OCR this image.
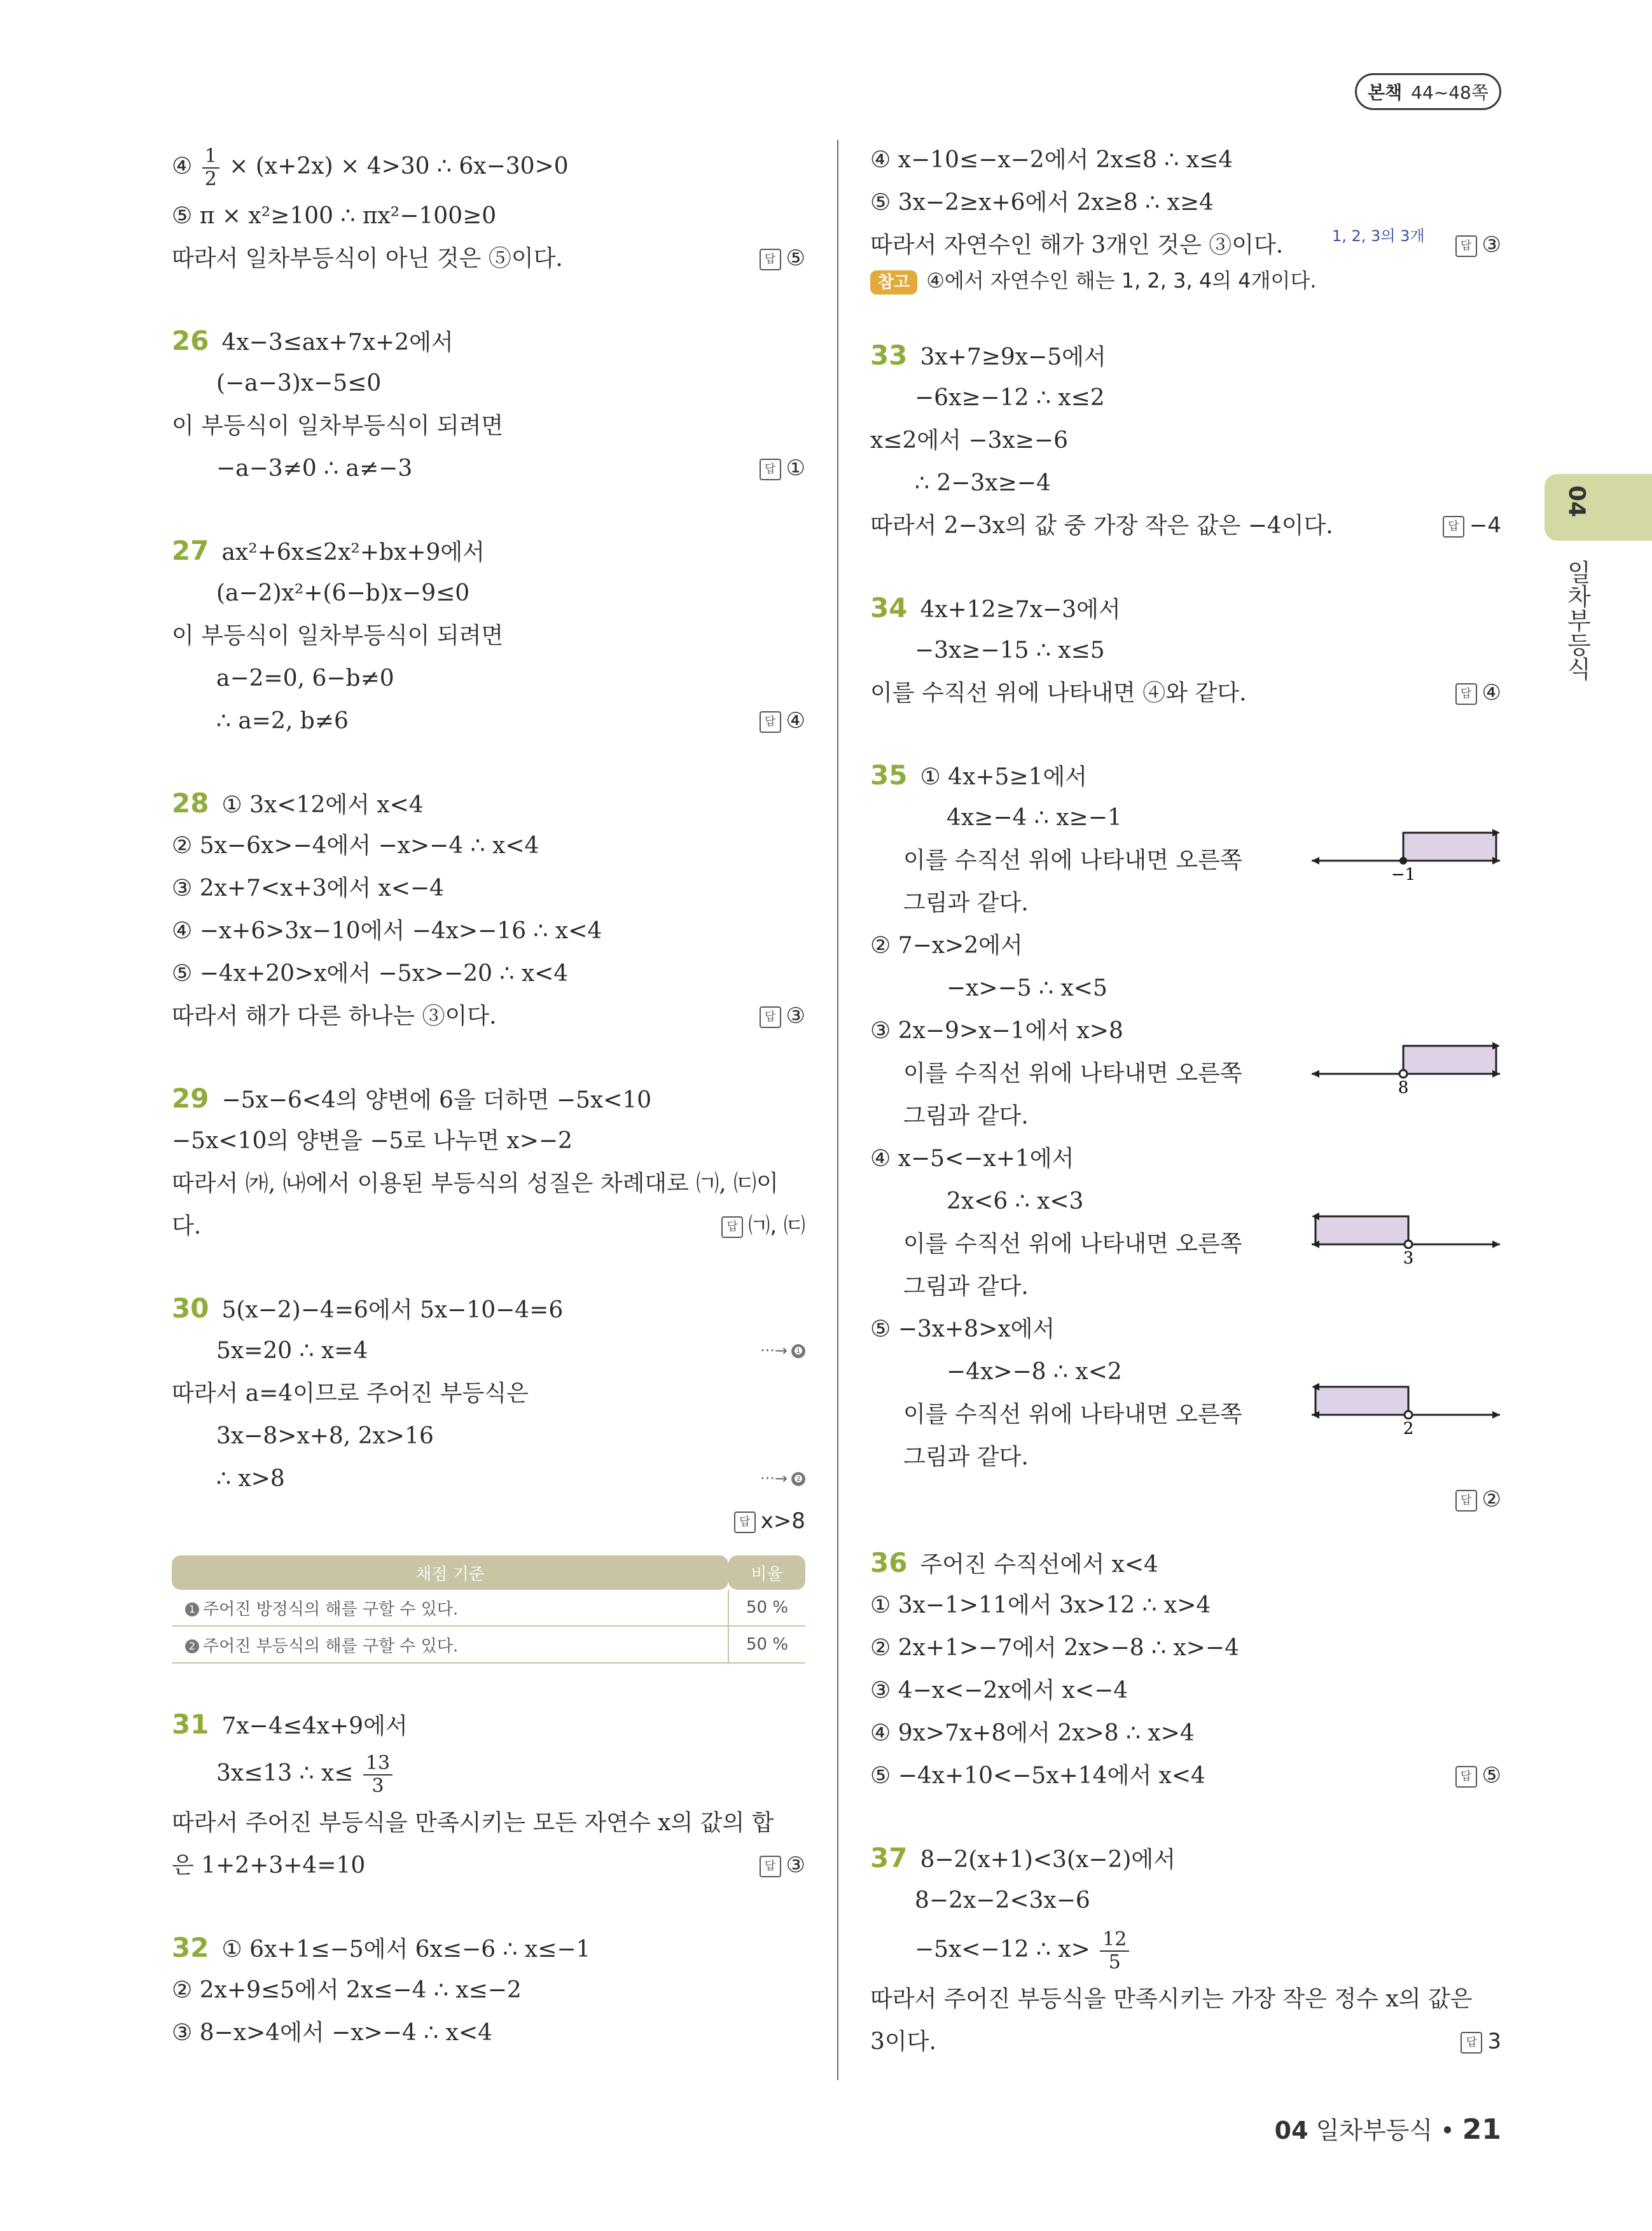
본책 44~48쪽
④ $\frac{1}{2} \times (x+2x) \times 4>30$ ∴ 6x−30>0
⑤ π × x²≥100 ∴ πx²−100≥0
따라서 일차부등식이 아닌 것은 ⑤이다.	답 ⑤
26 4x−3≤ax+7x+2에서
(−a−3)x−5≤0
이 부등식이 일차부등식이 되려면
−a−3≠0 ∴ a≠−3	답 ①
27 ax²+6x≤2x²+bx+9에서
(a−2)x²+(6−b)x−9≤0
이 부등식이 일차부등식이 되려면
a−2=0, 6−b≠0
∴ a=2, b≠6	답 ④
28 ① 3x<12에서 x<4
② 5x−6x>−4에서 −x>−4 ∴ x<4
③ 2x+7<x+3에서 x<−4
④ −x+6>3x−10에서 −4x>−16 ∴ x<4
⑤ −4x+20>x에서 −5x>−20 ∴ x<4
따라서 해가 다른 하나는 ③이다.	답 ③
29 −5x−6<4의 양변에 6을 더하면 −5x<10
−5x<10의 양변을 −5로 나누면 x>−2
따라서 ㈎, ㈏에서 이용된 부등식의 성질은 차례대로 ㈀, ㈂이
다.	답 ㈀, ㈂
30 5(x−2)−4=6에서 5x−10−4=6
5x=20 ∴ x=4	···→ ❶
따라서 a=4이므로 주어진 부등식은
3x−8>x+8, 2x>16
∴ x>8	···→ ❷
답 x>8
채점 기준	비율
1 주어진 방정식의 해를 구할 수 있다.	50 %
2 주어진 부등식의 해를 구할 수 있다.	50 %
31 7x−4≤4x+9에서
3x≤13 ∴ $x\le \frac{13}{3}$
따라서 주어진 부등식을 만족시키는 모든 자연수 x의 값의 합
은 1+2+3+4=10	답 ③
32 ① 6x+1≤−5에서 6x≤−6 ∴ x≤−1
② 2x+9≤5에서 2x≤−4 ∴ x≤−2
③ 8−x>4에서 −x>−4 ∴ x<4
④ x−10≤−x−2에서 2x≤8 ∴ x≤4
⑤ 3x−2≥x+6에서 2x≥8 ∴ x≥4
따라서 자연수인 해가 3개인 것은 ③이다.	1, 2, 3의 3개
답 ③
참고 ④에서 자연수인 해는 1, 2, 3, 4의 4개이다.
33 3x+7≥9x−5에서
−6x≥−12 ∴ x≤2
x≤2에서 −3x≥−6
∴ 2−3x≥−4
따라서 2−3x의 값 중 가장 작은 값은 −4이다.	답 −4
34 4x+12≥7x−3에서
−3x≥−15 ∴ x≤5
이를 수직선 위에 나타내면 ④와 같다.	답 ④
35 ① 4x+5≥1에서
4x≥−4 ∴ x≥−1
이를 수직선 위에 나타내면 오른쪽
−1
그림과 같다.
② 7−x>2에서
−x>−5 ∴ x<5
③ 2x−9>x−1에서 x>8
이를 수직선 위에 나타내면 오른쪽
8
그림과 같다.
④ x−5<−x+1에서
2x<6 ∴ x<3
이를 수직선 위에 나타내면 오른쪽
3
그림과 같다.
⑤ −3x+8>x에서
−4x>−8 ∴ x<2
이를 수직선 위에 나타내면 오른쪽
2
그림과 같다.
답 ②
36 주어진 수직선에서 x<4
① 3x−1>11에서 3x>12 ∴ x>4
② 2x+1>−7에서 2x>−8 ∴ x>−4
③ 4−x<−2x에서 x<−4
④ 9x>7x+8에서 2x>8 ∴ x>4
⑤ −4x+10<−5x+14에서 x<4	답 ⑤
37 8−2(x+1)<3(x−2)에서
8−2x−2<3x−6
−5x<−12 ∴ $x> \frac{12}{5}$
따라서 주어진 부등식을 만족시키는 가장 작은 정수 x의 값은
3이다.	답 3
04
일차부등식
04 일차부등식 • 21
